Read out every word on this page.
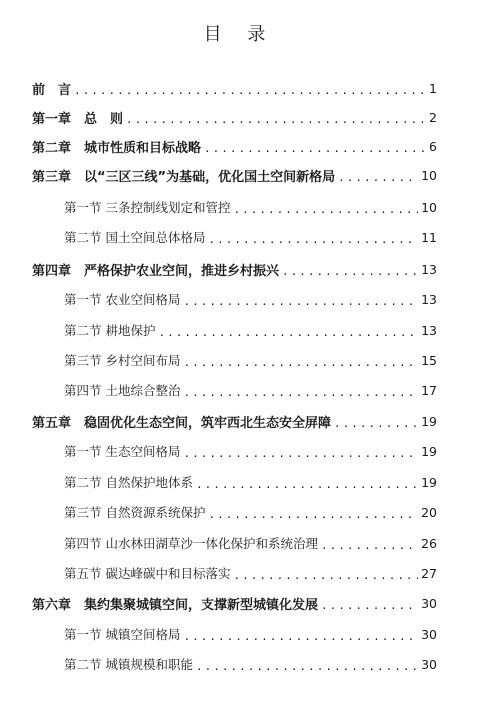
目 录
前　言 .....	1
第一章　总　则 .....	2
第二章　城市性质和目标战略 .....	6
第三章　以“三区三线”为基础，优化国土空间新格局 .....	10
第一节 三条控制线划定和管控 .....	10
第二节 国土空间总体格局 .....	11
第四章　严格保护农业空间，推进乡村振兴 .....	13
第一节 农业空间格局 .....	13
第二节 耕地保护 .....	13
第三节 乡村空间布局 .....	15
第四节 土地综合整治 .....	17
第五章　稳固优化生态空间，筑牢西北生态安全屏障 .....	19
第一节 生态空间格局 .....	19
第二节 自然保护地体系 .....	19
第三节 自然资源系统保护 .....	20
第四节 山水林田湖草沙一体化保护和系统治理 .....	26
第五节 碳达峰碳中和目标落实 .....	27
第六章　集约集聚城镇空间，支撑新型城镇化发展 .....	30
第一节 城镇空间格局 .....	30
第二节 城镇规模和职能 .....	30
